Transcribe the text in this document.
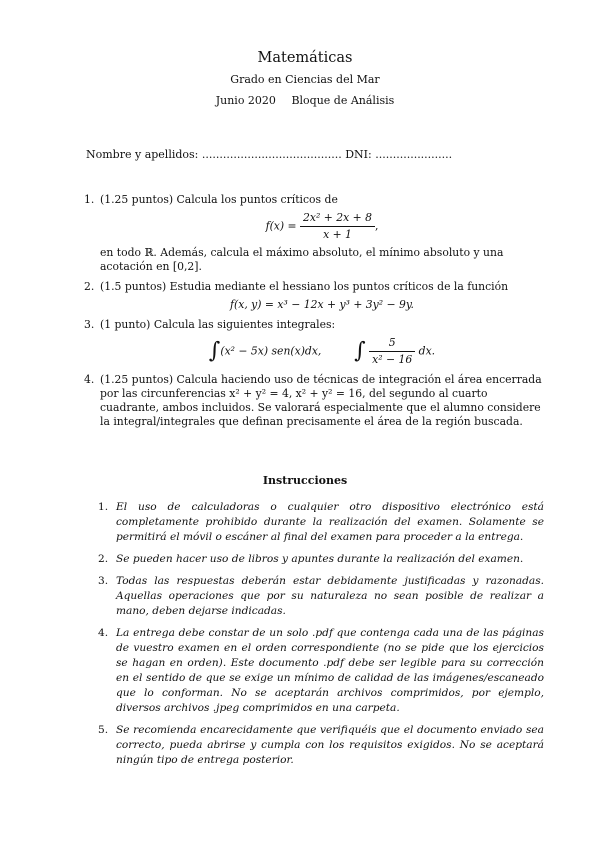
Matemáticas
Grado en Ciencias del Mar
Junio 2020 Bloque de Análisis
Nombre y apellidos: ........................................ DNI: ......................
1. (1.25 puntos) Calcula los puntos críticos de
$f(x) = \frac{\text{2x² + 2x + 8}}{x + 1}$ ,
en todo ℝ. Además, calcula el máximo absoluto, el mínimo absoluto y una acotación en [0,2].
2. (1.5 puntos) Estudia mediante el hessiano los puntos críticos de la función
f(x, y) = x³ − 12x + y³ + 3y² − 9y.
3. (1 punto) Calcula las siguientes integrales:
∫(x² − 5x) sen(x)dx, ∫ $\frac{5}{\text{x² − 16}}$ dx.
4. (1.25 puntos) Calcula haciendo uso de técnicas de integración el área encerrada por las circunferencias x² + y² = 4, x² + y² = 16, del segundo al cuarto cuadrante, ambos incluidos. Se valorará especialmente que el alumno considere la integral/integrales que definan precisamente el área de la región buscada.
Instrucciones
1. El uso de calculadoras o cualquier otro dispositivo electrónico está completamente prohibido durante la realización del examen. Solamente se permitirá el móvil o escáner al final del examen para proceder a la entrega.
2. Se pueden hacer uso de libros y apuntes durante la realización del examen.
3. Todas las respuestas deberán estar debidamente justificadas y razonadas. Aquellas operaciones que por su naturaleza no sean posible de realizar a mano, deben dejarse indicadas.
4. La entrega debe constar de un solo .pdf que contenga cada una de las páginas de vuestro examen en el orden correspondiente (no se pide que los ejercicios se hagan en orden). Este documento .pdf debe ser legible para su corrección en el sentido de que se exige un mínimo de calidad de las imágenes/escaneado que lo conforman. No se aceptarán archivos comprimidos, por ejemplo, diversos archivos .jpeg comprimidos en una carpeta.
5. Se recomienda encarecidamente que verifiquéis que el documento enviado sea correcto, pueda abrirse y cumpla con los requisitos exigidos. No se aceptará ningún tipo de entrega posterior.
